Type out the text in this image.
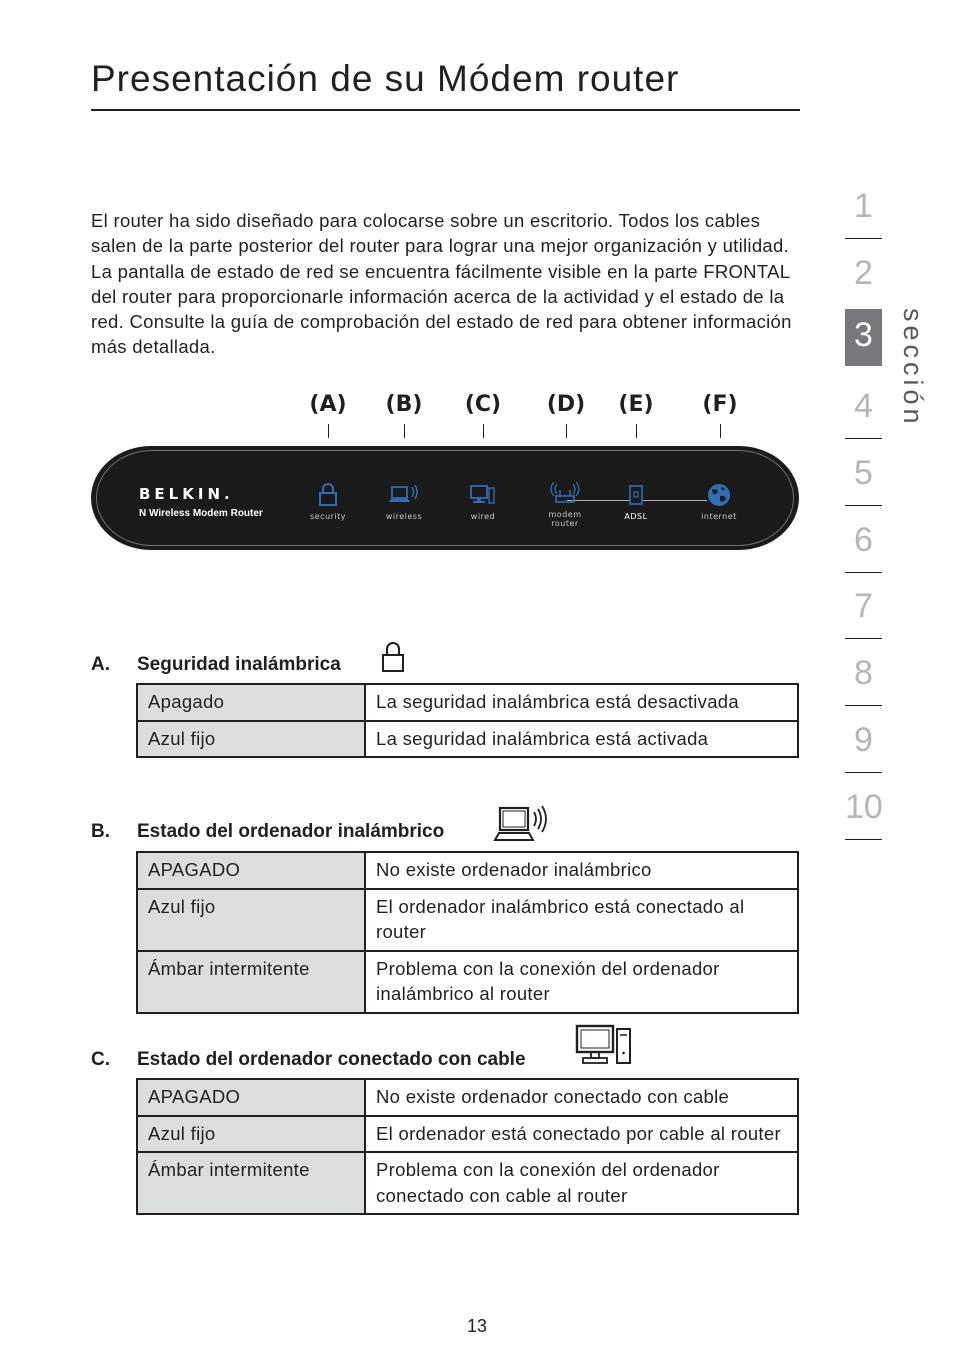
Presentación de su Módem router

El router ha sido diseñado para colocarse sobre un escritorio. Todos los cables salen de la parte posterior del router para lograr una mejor organización y utilidad. La pantalla de estado de red se encuentra fácilmente visible en la parte FRONTAL del router para proporcionarle información acerca de la actividad y el estado de la red. Consulte la guía de comprobación del estado de red para obtener información más detallada.

(A)	(B)	(C)	(D)	(E)	(F)
BELKIN.
N Wireless Modem Router	security	wireless	wired	modem
router
ADSL	internet
A. Seguridad inalámbrica
Apagado	La seguridad inalámbrica está desactivada
Azul fijo	La seguridad inalámbrica está activada
B. Estado del ordenador inalámbrico
APAGADO	No existe ordenador inalámbrico
Azul fijo	El ordenador inalámbrico está conectado al router
Ámbar intermitente	Problema con la conexión del ordenador inalámbrico al router
C. Estado del ordenador conectado con cable
APAGADO	No existe ordenador conectado con cable
Azul fijo	El ordenador está conectado por cable al router
Ámbar intermitente	Problema con la conexión del ordenador conectado con cable al router
1
2
3
4
5
6
7
8
9
10
sección
13
